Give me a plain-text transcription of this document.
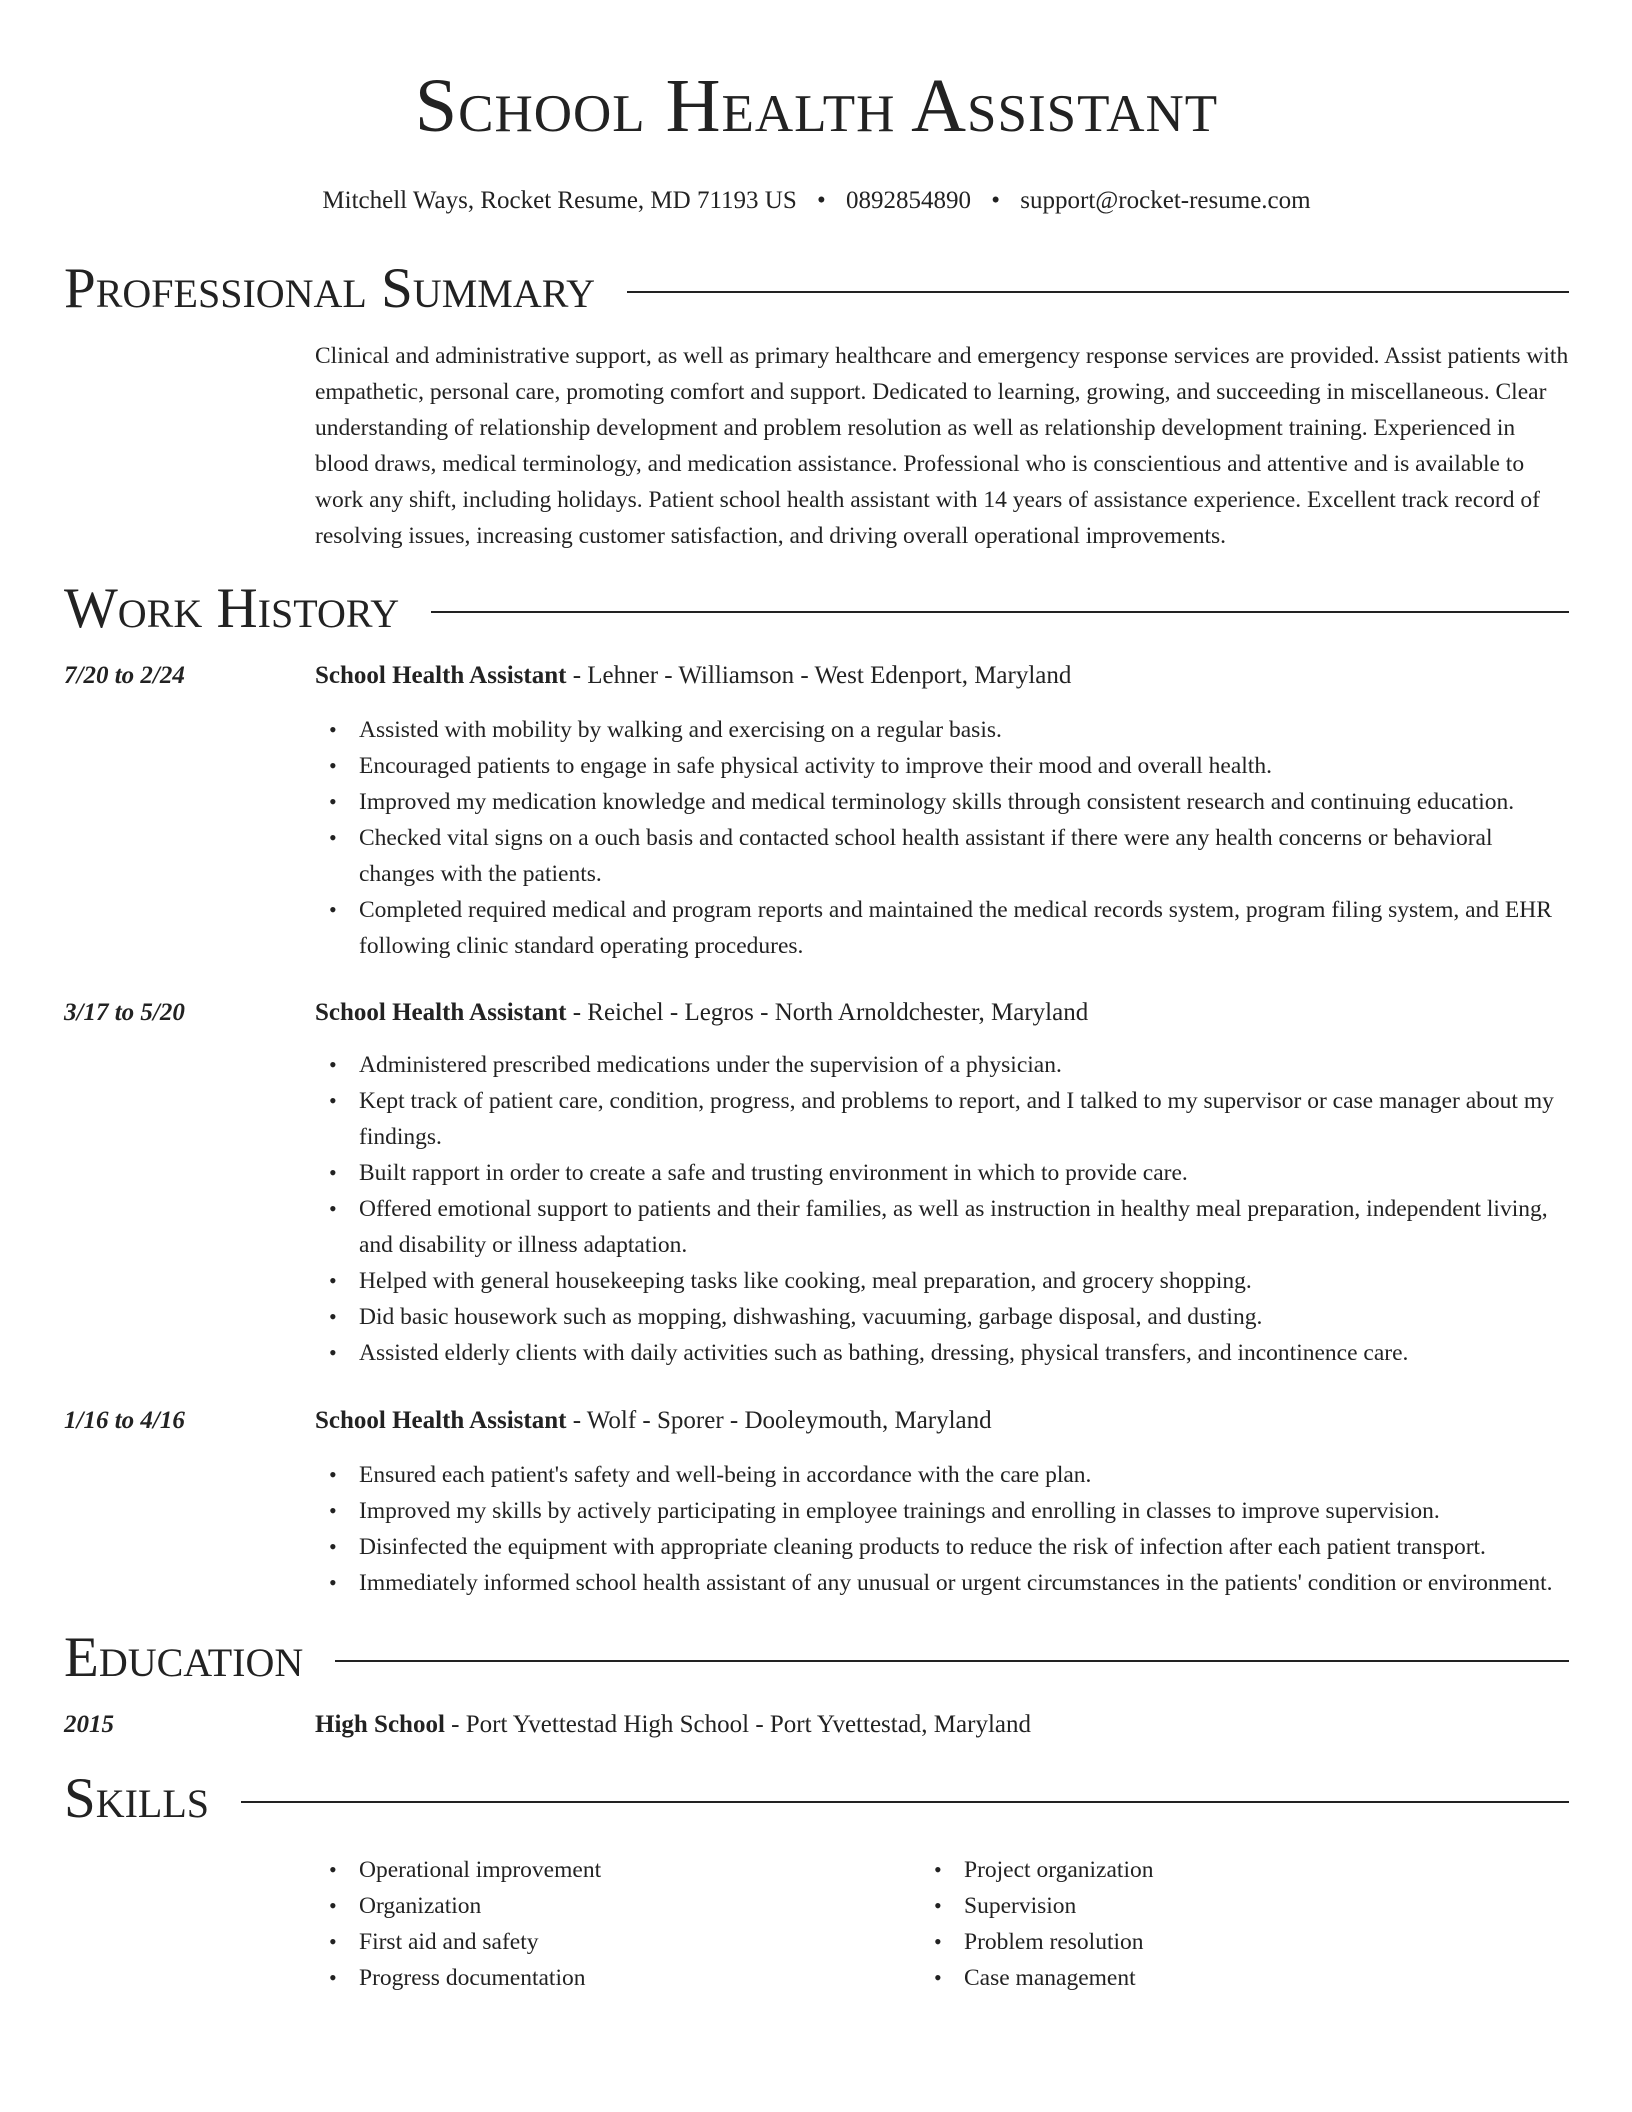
School Health Assistant
Mitchell Ways, Rocket Resume, MD 71193 US • 0892854890 • support@rocket-resume.com
Professional Summary
Clinical and administrative support, as well as primary healthcare and emergency response services are provided. Assist patients with empathetic, personal care, promoting comfort and support. Dedicated to learning, growing, and succeeding in miscellaneous. Clear understanding of relationship development and problem resolution as well as relationship development training. Experienced in blood draws, medical terminology, and medication assistance. Professional who is conscientious and attentive and is available to work any shift, including holidays. Patient school health assistant with 14 years of assistance experience. Excellent track record of resolving issues, increasing customer satisfaction, and driving overall operational improvements.
Work History
7/20 to 2/24	School Health Assistant - Lehner - Williamson - West Edenport, Maryland
• Assisted with mobility by walking and exercising on a regular basis.
• Encouraged patients to engage in safe physical activity to improve their mood and overall health.
• Improved my medication knowledge and medical terminology skills through consistent research and continuing education.
• Checked vital signs on a ouch basis and contacted school health assistant if there were any health concerns or behavioral changes with the patients.
• Completed required medical and program reports and maintained the medical records system, program filing system, and EHR following clinic standard operating procedures.
3/17 to 5/20	School Health Assistant - Reichel - Legros - North Arnoldchester, Maryland
• Administered prescribed medications under the supervision of a physician.
• Kept track of patient care, condition, progress, and problems to report, and I talked to my supervisor or case manager about my findings.
• Built rapport in order to create a safe and trusting environment in which to provide care.
• Offered emotional support to patients and their families, as well as instruction in healthy meal preparation, independent living, and disability or illness adaptation.
• Helped with general housekeeping tasks like cooking, meal preparation, and grocery shopping.
• Did basic housework such as mopping, dishwashing, vacuuming, garbage disposal, and dusting.
• Assisted elderly clients with daily activities such as bathing, dressing, physical transfers, and incontinence care.
1/16 to 4/16	School Health Assistant - Wolf - Sporer - Dooleymouth, Maryland
• Ensured each patient's safety and well-being in accordance with the care plan.
• Improved my skills by actively participating in employee trainings and enrolling in classes to improve supervision.
• Disinfected the equipment with appropriate cleaning products to reduce the risk of infection after each patient transport.
• Immediately informed school health assistant of any unusual or urgent circumstances in the patients' condition or environment.
Education
2015	High School - Port Yvettestad High School - Port Yvettestad, Maryland
Skills
• Operational improvement
• Organization
• First aid and safety
• Progress documentation
• Project organization
• Supervision
• Problem resolution
• Case management
